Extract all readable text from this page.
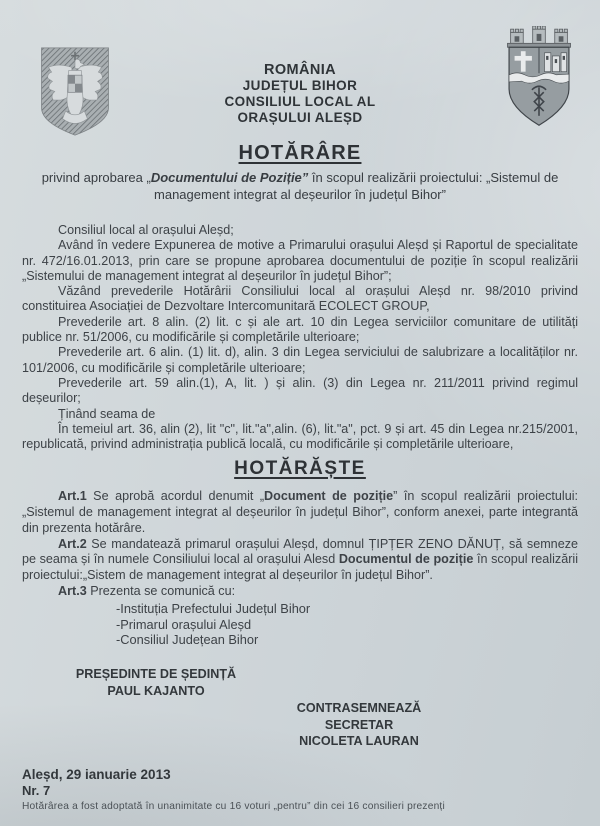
ROMÂNIA
JUDEȚUL BIHOR
CONSILIUL LOCAL AL
ORAȘULUI ALEȘD
HOTĂRÂRE
privind aprobarea „Documentului de Poziție” în scopul realizării proiectului: „Sistemul de management integrat al deșeurilor în județul Bihor”

Consiliul local al orașului Aleșd;

Având în vedere Expunerea de motive a Primarului orașului Aleșd și Raportul de specialitate nr. 472/16.01.2013, prin care se propune aprobarea documentului de poziție în scopul realizării „Sistemului de management integrat al deșeurilor în județul Bihor”;

Văzând prevederile Hotărârii Consiliului local al orașului Aleșd nr. 98/2010 privind constituirea Asociației de Dezvoltare Intercomunitară ECOLECT GROUP,

Prevederile art. 8 alin. (2) lit. c și ale art. 10 din Legea serviciilor comunitare de utilități publice nr. 51/2006, cu modificările și completările ulterioare;

Prevederile art. 6 alin. (1) lit. d), alin. 3 din Legea serviciului de salubrizare a localităților nr. 101/2006, cu modificările și completările ulterioare;

Prevederile art. 59 alin.(1), A, lit. ) și alin. (3) din Legea nr. 211/2011 privind regimul deșeurilor;

Ținând seama de

În temeiul art. 36, alin (2), lit "c", lit."a",alin. (6), lit."a", pct. 9 și art. 45 din Legea nr.215/2001, republicată, privind administrația publică locală, cu modificările și completările ulterioare,

HOTĂRĂȘTE

Art.1 Se aprobă acordul denumit „Document de poziție” în scopul realizării proiectului: „Sistemul de management integrat al deșeurilor în județul Bihor”, conform anexei, parte integrantă din prezenta hotărâre.

Art.2 Se mandatează primarul orașului Aleșd, domnul ȚIPȚER ZENO DĂNUȚ, să semneze pe seama și în numele Consiliului local al orașului Alesd Documentul de poziție în scopul realizării proiectului:„Sistem de management integrat al deșeurilor în județul Bihor”.

Art.3 Prezenta se comunică cu:

-Instituția Prefectului Județul Bihor
-Primarul orașului Aleșd
-Consiliul Județean Bihor
PREȘEDINTE DE ȘEDINȚĂ
PAUL KAJANTO
CONTRASEMNEAZĂ
SECRETAR
NICOLETA LAURAN
Aleșd, 29 ianuarie 2013
Nr. 7
Hotărârea a fost adoptată în unanimitate cu 16 voturi „pentru” din cei 16 consilieri prezenți
